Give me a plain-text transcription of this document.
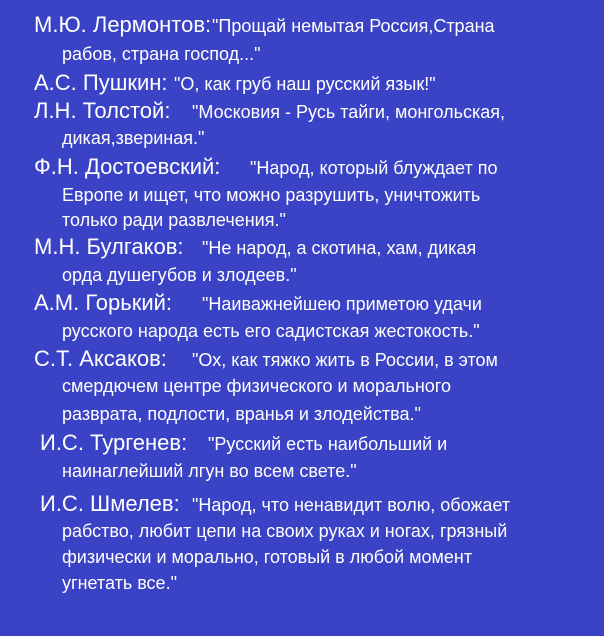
М.Ю. Лермонтов: "Прощай немытая Россия,Страна
рабов, страна господ..."
А.С. Пушкин: "О, как груб наш русский язык!"
Л.Н. Толстой: "Московия - Русь тайги, монгольская,
дикая,звериная."
Ф.Н. Достоевский: "Народ, который блуждает по
Европе и ищет, что можно разрушить, уничтожить
только ради развлечения."
М.Н. Булгаков: "Не народ, а скотина, хам, дикая
орда душегубов и злодеев."
А.М. Горький: "Наиважнейшею приметою удачи
русского народа есть его садистская жестокость."
С.Т. Аксаков: "Ох, как тяжко жить в России, в этом
смердючем центре физического и морального
разврата, подлости, вранья и злодейства."
И.С. Тургенев: "Русский есть наибольший и
наинаглейший лгун во всем свете."
И.С. Шмелев: "Народ, что ненавидит волю, обожает
рабство, любит цепи на своих руках и ногах, грязный
физически и морально, готовый в любой момент
угнетать все."
